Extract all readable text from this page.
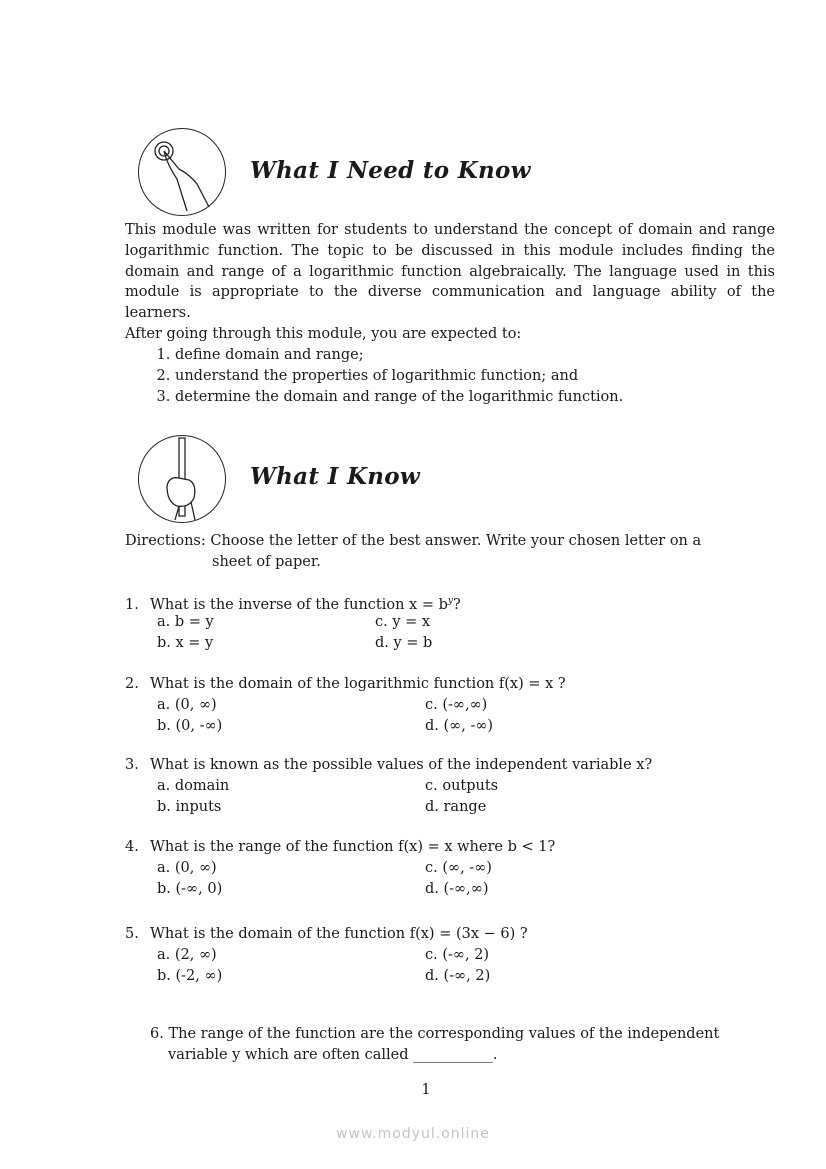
What I Need to Know
This module was written for students to understand the concept of domain and range logarithmic function. The topic to be discussed in this module includes finding the domain and range of a logarithmic function algebraically. The language used in this module is appropriate to the diverse communication and language ability of the learners.
After going through this module, you are expected to:
1. define domain and range;
2. understand the properties of logarithmic function; and
3. determine the domain and range of the logarithmic function.
What I Know
Directions: Choose the letter of the best answer. Write your chosen letter on a
sheet of paper.
1. What is the inverse of the function $x = b^y$?
a. b = y
b. x = y
c. y = x
d. y = b
2. What is the domain of the logarithmic function f(x) = x ?
a. (0, ∞)
b. (0, -∞)
c. (-∞,∞)
d. (∞, -∞)
3. What is known as the possible values of the independent variable x?
a. domain
b. inputs
c. outputs
d. range
4. What is the range of the function f(x) = x where b < 1?
a. (0, ∞)
b. (-∞, 0)
c. (∞, -∞)
d. (-∞,∞)
5. What is the domain of the function f(x) = (3x − 6) ?
a. (2, ∞)
b. (-2, ∞)
c. (-∞, 2)
d. (-∞, 2)
6. The range of the function are the corresponding values of the independent
variable y which are often called ___________.
1
www.modyul.online
